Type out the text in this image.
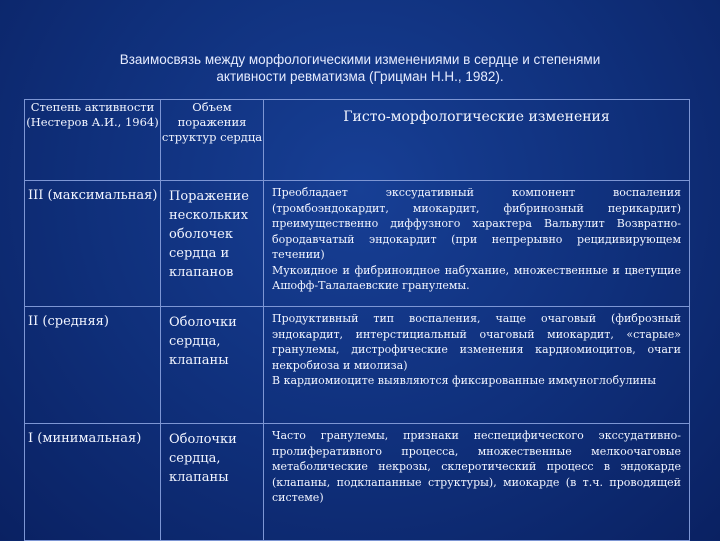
Взаимосвязь между морфологическими изменениями в сердце и степенями
активности ревматизма (Грицман Н.Н., 1982).
Степень активности (Нестеров А.И., 1964)	Объем поражения структур сердца	Гисто-морфологические изменения
III (максимальная)	Поражение нескольких оболочек сердца и клапанов	Преобладает экссудативный компонент воспаления (тромбоэндокардит, миокардит, фибринозный перикардит) преимущественно диффузного характера Вальвулит Возвратно-бородавчатый эндокардит (при непрерывно рецидивирующем течении)
Мукоидное и фибриноидное набухание, множественные и цветущие Ашофф-Талалаевские гранулемы.

II (средняя)	Оболочки сердца, клапаны	Продуктивный тип воспаления, чаще очаговый (фиброзный эндокардит, интерстициальный очаговый миокардит, «старые» гранулемы, дистрофические изменения кардиомиоцитов, очаги некробиоза и миолиза)
В кардиомиоците выявляются фиксированные иммуноглобулины

I (минимальная)	Оболочки сердца, клапаны	Часто гранулемы, признаки неспецифического экссудативно-пролиферативного процесса, множественные мелкоочаговые метаболические некрозы, склеротический процесс в эндокарде (клапаны, подклапанные структуры), миокарде (в т.ч. проводящей системе)
